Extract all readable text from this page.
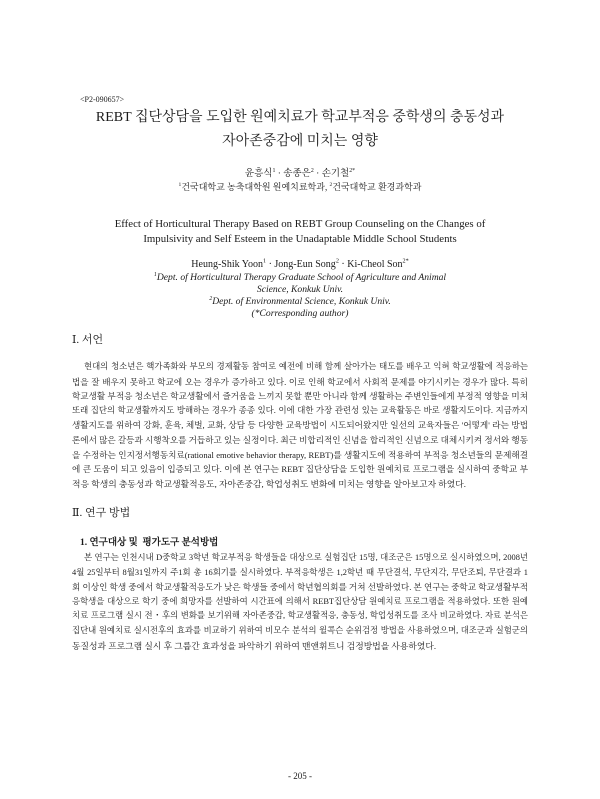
<P2-090657>
REBT 집단상담을 도입한 원예치료가 학교부적응 중학생의 충동성과
자아존중감에 미치는 영향
윤흥식$^1$ · 송종은$^2$ · 손기철$^{2*}$
$^1$건국대학교 농축대학원 원예치료학과, $^2$건국대학교 환경과학과
Effect of Horticultural Therapy Based on REBT Group Counseling on the Changes of
Impulsivity and Self Esteem in the Unadaptable Middle School Students
Heung-Shik Yoon$^1$ · Jong-Eun Song$^2$ · Ki-Cheol Son$^{2*}$
$^1$Dept. of Horticultural Therapy Graduate School of Agriculture and Animal
Science, Konkuk Univ.
$^2$Dept. of Environmental Science, Konkuk Univ.
(*Corresponding author)
Ⅰ. 서언
현대의 청소년은 핵가족화와 부모의 경제활동 참여로 예전에 비해 함께 살아가는 태도를 배우고 익혀 학교생활에 적응하는
법을 잘 배우지 못하고 학교에 오는 경우가 증가하고 있다. 이로 인해 학교에서 사회적 문제를 야기시키는 경우가 많다. 특히
학교생활 부적응 청소년은 학교생활에서 즐거움을 느끼지 못할 뿐만 아니라 함께 생활하는 주변인들에게 부정적 영향을 미쳐
또래 집단의 학교생활까지도 방해하는 경우가 종종 있다. 이에 대한 가장 관련성 있는 교육활동은 바로 생활지도이다. 지금까지
생활지도를 위하여 강화, 훈육, 체벌, 교화, 상담 등 다양한 교육방법이 시도되어왔지만 일선의 교육자들은 '어떻게' 라는 방법
론에서 많은 갈등과 시행착오를 거듭하고 있는 실정이다. 최근 비합리적인 신념을 합리적인 신념으로 대체시키켜 정서와 행동
을 수정하는 인지정서행동치료(rational emotive behavior therapy, REBT)를 생활지도에 적용하여 부적응 청소년들의 문제해결
에 큰 도움이 되고 있음이 입증되고 있다. 이에 본 연구는 REBT 집단상담을 도입한 원예치료 프로그램을 실시하여 중학교 부
적응 학생의 충동성과 학교생활적응도, 자아존중감, 학업성취도 변화에 미치는 영향을 알아보고자 하였다.
Ⅱ. 연구 방법
1. 연구대상 및  평가도구 분석방법
본 연구는 인천시내 D중학교 3학년 학교부적응 학생들을 대상으로 실험집단 15명, 대조군은 15명으로 실시하였으며, 2008년
4월 25일부터 8월31일까지 주1회 총 16회기를 실시하였다. 부적응학생은 1,2학년 때 무단결석, 무단지각, 무단조퇴, 무단결과 1
회 이상인 학생 중에서 학교생활적응도가 낮은 학생들 중에서 학년협의회를 거쳐 선발하였다. 본 연구는 중학교 학교생활부적
응학생을 대상으로 학기 중에 희망자를 선발하여 시간표에 의해서 REBT집단상담 원예치료 프로그램을 적용하였다. 또한 원예
치료 프로그램 실시 전・후의 변화를 보기위해 자아존중감, 학교생활적응, 충동성, 학업성취도를 조사 비교하였다. 자료 분석은
집단내 원예치료 실시전후의 효과를 비교하기 위하여 비모수 분석의 윌콕슨 순위검정 방법을 사용하였으며, 대조군과 실험군의
동질성과 프로그램 실시 후 그룹간 효과성을 파악하기 위하여 맨앤휘트니 검정방법을 사용하였다.
- 205 -
